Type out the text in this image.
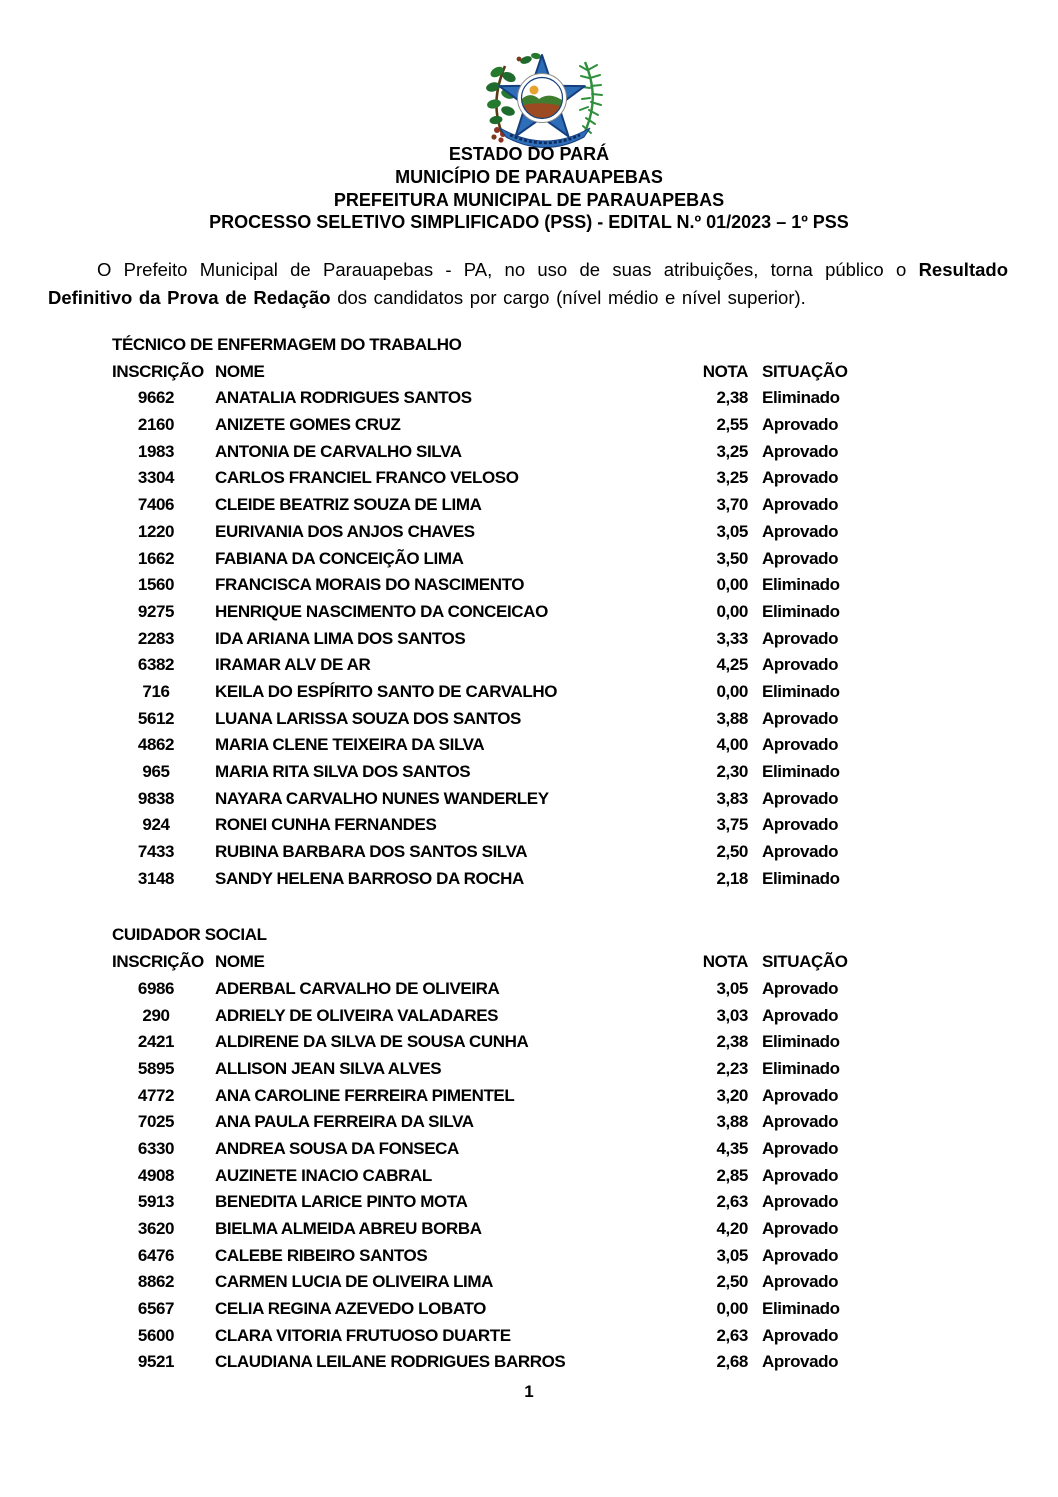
ESTADO DO PARÁ
MUNICÍPIO DE PARAUAPEBAS
PREFEITURA MUNICIPAL DE PARAUAPEBAS
PROCESSO SELETIVO SIMPLIFICADO (PSS) - EDITAL N.º 01/2023 – 1º PSS

O Prefeito Municipal de Parauapebas - PA, no uso de suas atribuições, torna público o Resultado Definitivo da Prova de Redação dos candidatos por cargo (nível médio e nível superior).

TÉCNICO DE ENFERMAGEM DO TRABALHO
INSCRIÇÃO NOME	NOTA SITUAÇÃO
9662	ANATALIA RODRIGUES SANTOS	2,38 Eliminado
2160	ANIZETE GOMES CRUZ	2,55 Aprovado
1983	ANTONIA DE CARVALHO SILVA	3,25 Aprovado
3304	CARLOS FRANCIEL FRANCO VELOSO	3,25 Aprovado
7406	CLEIDE BEATRIZ SOUZA DE LIMA	3,70 Aprovado
1220	EURIVANIA DOS ANJOS CHAVES	3,05 Aprovado
1662	FABIANA DA CONCEIÇÃO LIMA	3,50 Aprovado
1560	FRANCISCA MORAIS DO NASCIMENTO	0,00 Eliminado
9275	HENRIQUE NASCIMENTO DA CONCEICAO	0,00 Eliminado
2283	IDA ARIANA LIMA DOS SANTOS	3,33 Aprovado
6382	IRAMAR ALV DE AR	4,25 Aprovado
716	KEILA DO ESPÍRITO SANTO DE CARVALHO	0,00 Eliminado
5612	LUANA LARISSA SOUZA DOS SANTOS	3,88 Aprovado
4862	MARIA CLENE TEIXEIRA DA SILVA	4,00 Aprovado
965	MARIA RITA SILVA DOS SANTOS	2,30 Eliminado
9838	NAYARA CARVALHO NUNES WANDERLEY	3,83 Aprovado
924	RONEI CUNHA FERNANDES	3,75 Aprovado
7433	RUBINA BARBARA DOS SANTOS SILVA	2,50 Aprovado
3148	SANDY HELENA BARROSO DA ROCHA	2,18 Eliminado
CUIDADOR SOCIAL
INSCRIÇÃO NOME	NOTA SITUAÇÃO
6986	ADERBAL CARVALHO DE OLIVEIRA	3,05 Aprovado
290	ADRIELY DE OLIVEIRA VALADARES	3,03 Aprovado
2421	ALDIRENE DA SILVA DE SOUSA CUNHA	2,38 Eliminado
5895	ALLISON JEAN SILVA ALVES	2,23 Eliminado
4772	ANA CAROLINE FERREIRA PIMENTEL	3,20 Aprovado
7025	ANA PAULA FERREIRA DA SILVA	3,88 Aprovado
6330	ANDREA SOUSA DA FONSECA	4,35 Aprovado
4908	AUZINETE INACIO CABRAL	2,85 Aprovado
5913	BENEDITA LARICE PINTO MOTA	2,63 Aprovado
3620	BIELMA ALMEIDA ABREU BORBA	4,20 Aprovado
6476	CALEBE RIBEIRO SANTOS	3,05 Aprovado
8862	CARMEN LUCIA DE OLIVEIRA LIMA	2,50 Aprovado
6567	CELIA REGINA AZEVEDO LOBATO	0,00 Eliminado
5600	CLARA VITORIA FRUTUOSO DUARTE	2,63 Aprovado
9521	CLAUDIANA LEILANE RODRIGUES BARROS	2,68 Aprovado
1
